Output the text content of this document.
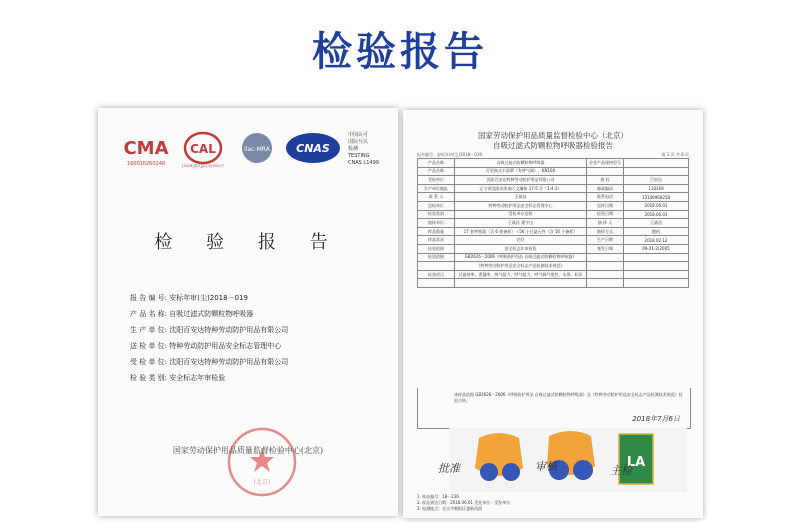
检验报告
CMA
160010260248
CAL
(2016)国认监认字(002)号
ilac-MRA CNAS
中国认可
国际互认
检测
TESTING
CNAS L1499
检 验 报 告
报 告 编 号: 安标年审(尘)2018－019
产 品 名 称: 自吸过滤式防颗粒物呼吸器
生 产 单 位: 沈阳百安达特种劳动防护用品有限公司
送 检 单 位: 特种劳动防护用品安全标志管理中心
受 检 单 位: 沈阳百安达特种劳动防护用品有限公司
检 验 类 别: 安全标志年审检验
(北京)
国家劳动保护用品质量监督检验中心(北京)
国家劳动保护用品质量监督检验中心（北京）
自吸过滤式防颗粒物呼吸器检验报告
报告编号：安标年审(尘)2018－019	第 1 页 共 6 页
产品名称	自吸过滤式防颗粒物呼吸器	企业产品规格型号	
产品名称	可更换式半面罩（有呼气阀），KN100		
受检单位	沈阳百安达特种劳动防护用品有限公司	商 标	百安达
生产单位地址	辽宁省沈阳市浑南区文澜街 17-5 号（1-4-1）	邮政编码	110169
联 系 人	王斌昌	联系电话	13149968258
送检单位	特种劳动防护用品安全标志管理中心	送样日期	2018.06.01
检验类别	受检单位送检	检验日期	2018.06.01
抽样单位	王斌昌 董宇山	抽 样 人	王斌昌
样品数量	17 套呼吸器（含 6 套备样）＋56 个过滤元件（含 16 个备样）	抽样方式	随机
样品状况	完好	生产日期	2018.02.12
检验依据	安全标志年审检验	签发日期	09-21-2(2005
检验依据	GB2626－2006《呼吸防护用品 自吸过滤式防颗粒物呼吸器》		
	《特种劳动防护用品安全标志产品检测技术规范》		
检验项目	过滤效率、泄漏率、吸气阻力、呼气阻力、呼气阀气密性、头带、标识		

该样品依据 GB2626－2006《呼吸防护用品 自吸过滤式防颗粒物呼吸器》及《特种劳动防护用品安全标志产品检测技术规范》检验合格。
2018年7月6日
LA
1. 样品编号：18－236
2. 样品到达日期：2018.06.01 受托单位：受检单位
3. 检测地点：北京市朝阳区惠新西街
批准	审核	主检
